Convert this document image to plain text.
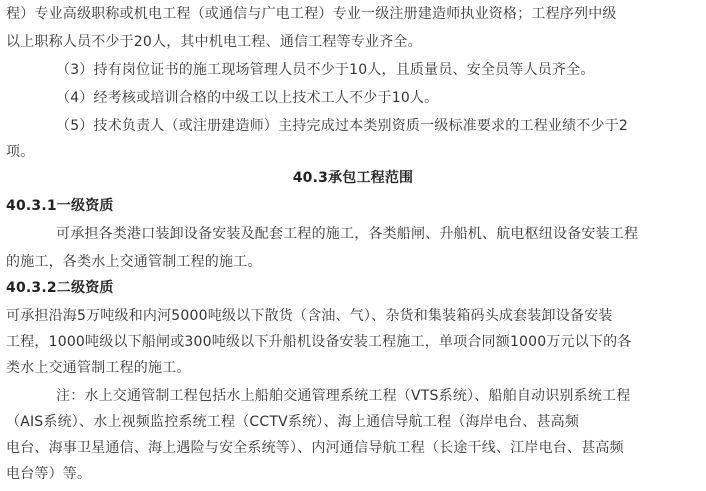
程）专业高级职称或机电工程（或通信与广电工程）专业一级注册建造师执业资格；工程序列中级
以上职称人员不少于20人，其中机电工程、通信工程等专业齐全。
（3）持有岗位证书的施工现场管理人员不少于10人，且质量员、安全员等人员齐全。
（4）经考核或培训合格的中级工以上技术工人不少于10人。
（5）技术负责人（或注册建造师）主持完成过本类别资质一级标准要求的工程业绩不少于2
项。
40.3承包工程范围
40.3.1一级资质
可承担各类港口装卸设备安装及配套工程的施工，各类船闸、升船机、航电枢纽设备安装工程
的施工，各类水上交通管制工程的施工。
40.3.2二级资质
可承担沿海5万吨级和内河5000吨级以下散货（含油、气）、杂货和集装箱码头成套装卸设备安装
工程，1000吨级以下船闸或300吨级以下升船机设备安装工程施工，单项合同额1000万元以下的各
类水上交通管制工程的施工。
注：水上交通管制工程包括水上船舶交通管理系统工程（VTS系统）、船舶自动识别系统工程
（AIS系统）、水上视频监控系统工程（CCTV系统）、海上通信导航工程（海岸电台、甚高频
电台、海事卫星通信、海上遇险与安全系统等）、内河通信导航工程（长途干线、江岸电台、甚高频
电台等）等。
